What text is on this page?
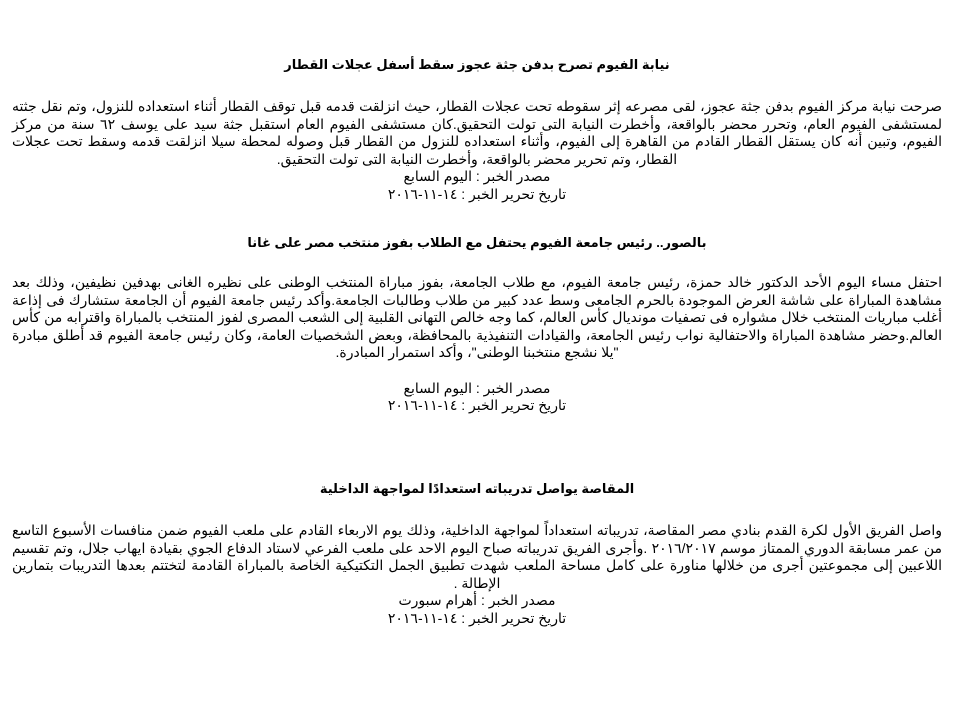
نيابة الفيوم تصرح بدفن جثة عجوز سقط أسفل عجلات القطار

صرحت نيابة مركز الفيوم بدفن جثة عجوز، لقى مصرعه إثر سقوطه تحت عجلات القطار، حيث انزلقت قدمه قبل توقف القطار أثناء استعداده للنزول، وتم نقل جثته لمستشفى الفيوم العام، وتحرر محضر بالواقعة، وأخطرت النيابة التى تولت التحقيق.كان مستشفى الفيوم العام استقبل جثة سيد على يوسف ٦٢ سنة من مركز الفيوم، وتبين أنه كان يستقل القطار القادم من القاهرة إلى الفيوم، وأثناء استعداده للنزول من القطار قبل وصوله لمحطة سيلا انزلقت قدمه وسقط تحت عجلات القطار، وتم تحرير محضر بالواقعة، وأخطرت النيابة التى تولت التحقيق.

مصدر الخبر : اليوم السابع

تاريخ تحرير الخبر : ١٤-١١-٢٠١٦

بالصور.. رئيس جامعة الفيوم يحتفل مع الطلاب بفوز منتخب مصر على غانا

احتفل مساء اليوم الأحد الدكتور خالد حمزة، رئيس جامعة الفيوم، مع طلاب الجامعة، بفوز مباراة المنتخب الوطنى على نظيره الغانى بهدفين نظيفين، وذلك بعد مشاهدة المباراة على شاشة العرض الموجودة بالحرم الجامعى وسط عدد كبير من طلاب وطالبات الجامعة.وأكد رئيس جامعة الفيوم أن الجامعة ستشارك فى إذاعة أغلب مباريات المنتخب خلال مشواره فى تصفيات مونديال كأس العالم، كما وجه خالص التهانى القلبية إلى الشعب المصرى لفوز المنتخب بالمباراة واقترابه من كأس العالم.وحضر مشاهدة المباراة والاحتفالية نواب رئيس الجامعة، والقيادات التنفيذية بالمحافظة، وبعض الشخصيات العامة، وكان رئيس جامعة الفيوم قد أطلق مبادرة "يلا نشجع منتخبنا الوطنى"، وأكد استمرار المبادرة.

مصدر الخبر : اليوم السابع

تاريخ تحرير الخبر : ١٤-١١-٢٠١٦

المقاصة يواصل تدريباته استعدادًا لمواجهة الداخلية

واصل الفريق الأول لكرة القدم بنادي مصر المقاصة، تدريباته استعداداً لمواجهة الداخلية، وذلك يوم الاربعاء القادم على ملعب الفيوم ضمن منافسات الأسبوع التاسع من عمر مسابقة الدوري الممتاز موسم ٢٠١٦/٢٠١٧ .وأجرى الفريق تدريباته صباح اليوم الاحد على ملعب الفرعي لاستاد الدفاع الجوي بقيادة ايهاب جلال، وتم تقسيم اللاعبين إلى مجموعتين أجرى من خلالها مناورة على كامل مساحة الملعب شهدت تطبيق الجمل التكتيكية الخاصة بالمباراة القادمة لتختتم بعدها التدريبات بتمارين الإطالة .

مصدر الخبر : أهرام سبورت

تاريخ تحرير الخبر : ١٤-١١-٢٠١٦
